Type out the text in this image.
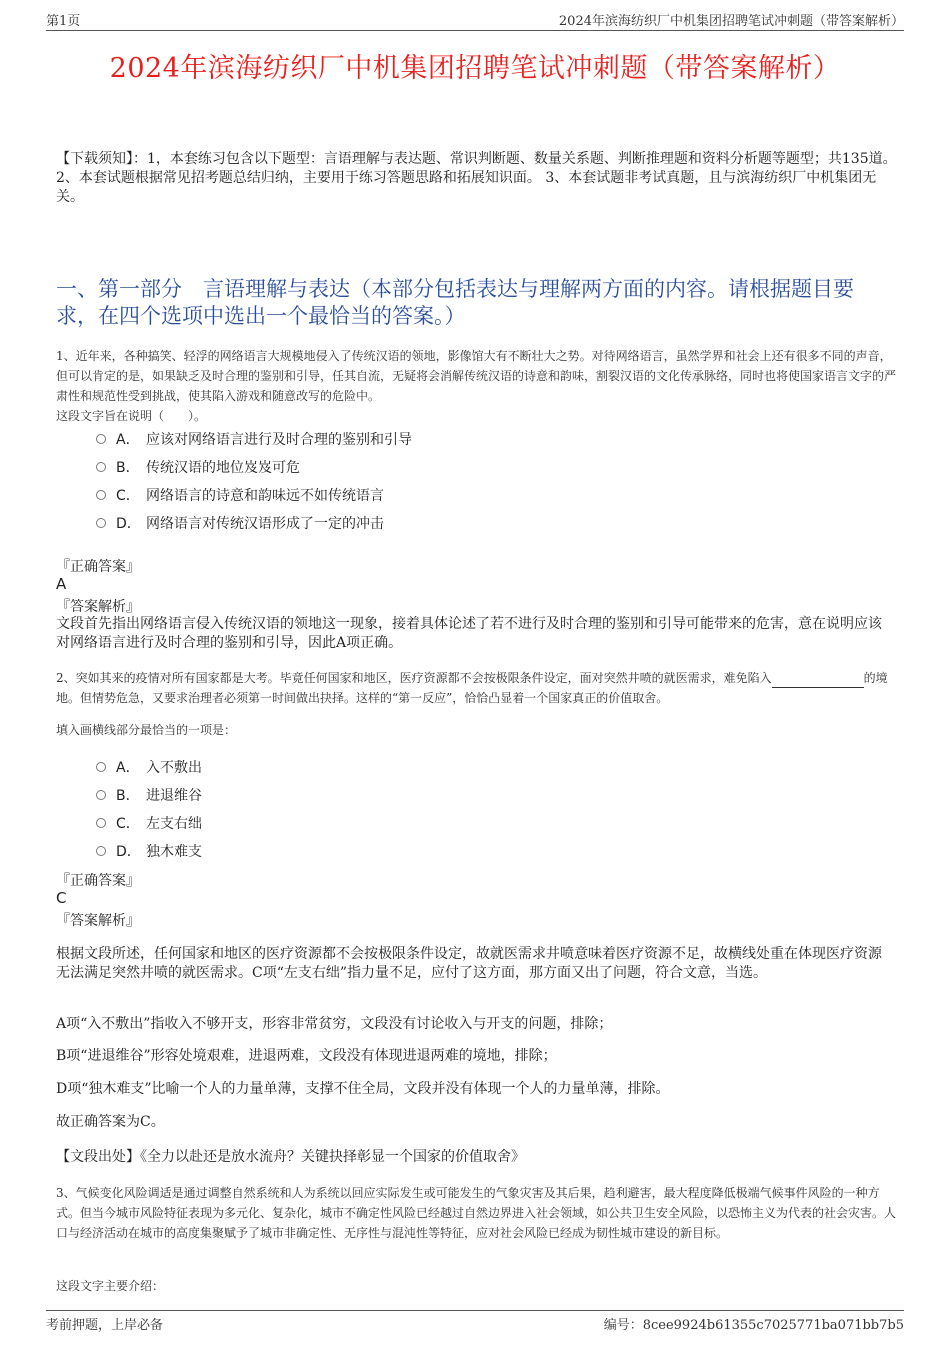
第1页	2024年滨海纺织厂中机集团招聘笔试冲刺题（带答案解析）
2024年滨海纺织厂中机集团招聘笔试冲刺题（带答案解析）
【下载须知】：1，本套练习包含以下题型：言语理解与表达题、常识判断题、数量关系题、判断推理题和资料分析题等题型；共135道。 2、本套试题根据常见招考题总结归纳，主要用于练习答题思路和拓展知识面。 3、本套试题非考试真题，且与滨海纺织厂中机集团无关。
一、第一部分　言语理解与表达（本部分包括表达与理解两方面的内容。请根据题目要求，在四个选项中选出一个最恰当的答案。）
1、近年来，各种搞笑、轻浮的网络语言大规模地侵入了传统汉语的领地，影像馆大有不断壮大之势。对待网络语言，虽然学界和社会上还有很多不同的声音，但可以肯定的是，如果缺乏及时合理的鉴别和引导，任其自流，无疑将会消解传统汉语的诗意和韵味，割裂汉语的文化传承脉络，同时也将使国家语言文字的严肃性和规范性受到挑战，使其陷入游戏和随意改写的危险中。
这段文字旨在说明（　　）。
A． 应该对网络语言进行及时合理的鉴别和引导
B． 传统汉语的地位岌岌可危
C． 网络语言的诗意和韵味远不如传统语言
D． 网络语言对传统汉语形成了一定的冲击
『正确答案』
A
『答案解析』
文段首先指出网络语言侵入传统汉语的领地这一现象，接着具体论述了若不进行及时合理的鉴别和引导可能带来的危害，意在说明应该对网络语言进行及时合理的鉴别和引导，因此A项正确。
2、突如其来的疫情对所有国家都是大考。毕竟任何国家和地区，医疗资源都不会按极限条件设定，面对突然井喷的就医需求，难免陷入	的境地。但情势危急，又要求治理者必须第一时间做出抉择。这样的“第一反应”，恰恰凸显着一个国家真正的价值取舍。
填入画横线部分最恰当的一项是：
A． 入不敷出
B． 进退维谷
C． 左支右绌
D． 独木难支
『正确答案』
C
『答案解析』
根据文段所述，任何国家和地区的医疗资源都不会按极限条件设定，故就医需求井喷意味着医疗资源不足，故横线处重在体现医疗资源无法满足突然井喷的就医需求。C项“左支右绌”指力量不足，应付了这方面，那方面又出了问题，符合文意，当选。
A项“入不敷出”指收入不够开支，形容非常贫穷，文段没有讨论收入与开支的问题，排除；
B项“进退维谷”形容处境艰难，进退两难，文段没有体现进退两难的境地，排除；
D项“独木难支”比喻一个人的力量单薄，支撑不住全局，文段并没有体现一个人的力量单薄，排除。
故正确答案为C。
【文段出处】《全力以赴还是放水流舟？关键抉择彰显一个国家的价值取舍》
3、气候变化风险调适是通过调整自然系统和人为系统以回应实际发生或可能发生的气象灾害及其后果，趋利避害，最大程度降低极端气候事件风险的一种方式。但当今城市风险特征表现为多元化、复杂化，城市不确定性风险已经越过自然边界进入社会领域，如公共卫生安全风险，以恐怖主义为代表的社会灾害。人口与经济活动在城市的高度集聚赋予了城市非确定性、无序性与混沌性等特征，应对社会风险已经成为韧性城市建设的新目标。
这段文字主要介绍：
考前押题，上岸必备	编号：8cee9924b61355c7025771ba071bb7b5
